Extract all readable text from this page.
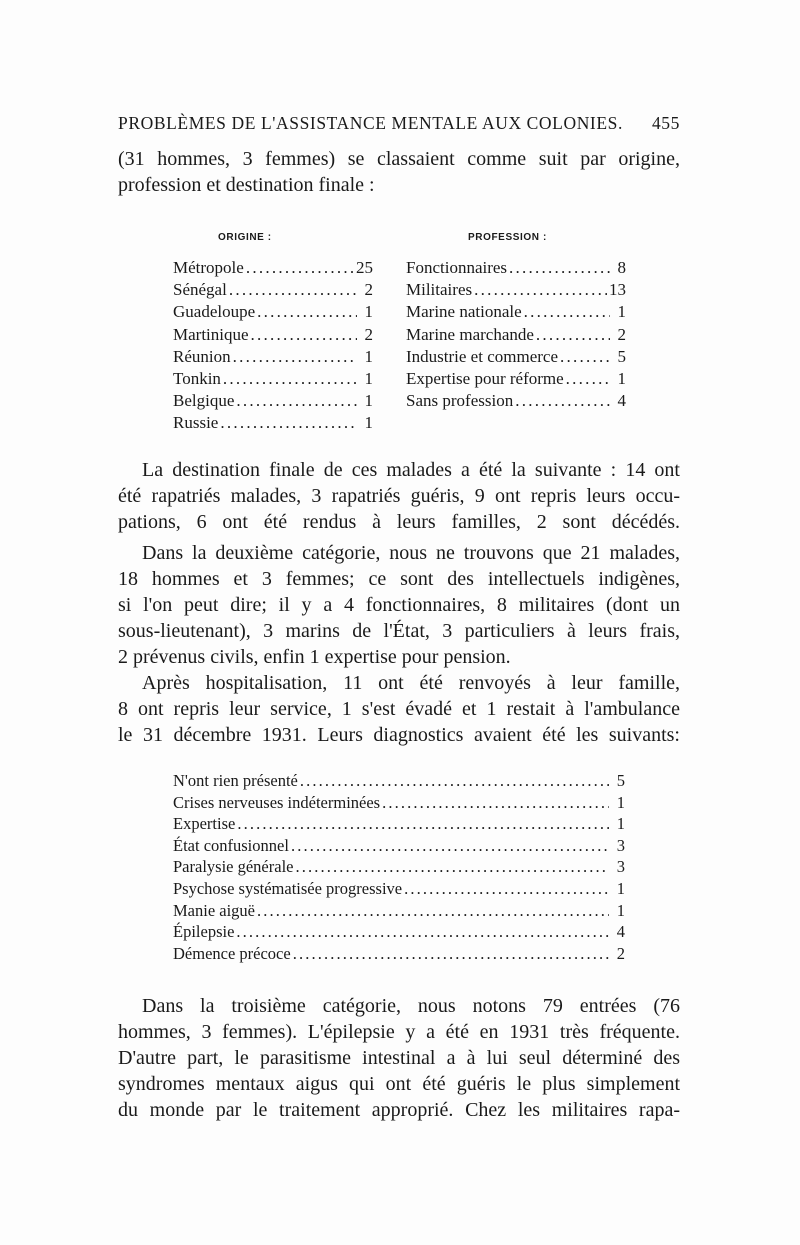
PROBLÈMES DE L'ASSISTANCE MENTALE AUX COLONIES. 455
(31 hommes, 3 femmes) se classaient comme suit par origine,
profession et destination finale :
ORIGINE :	PROFESSION :
Métropole . . .	25
Sénégal . . .	2
Guadeloupe . . .	1
Martinique . . .	2
Réunion . . .	1
Tonkin . . .	1
Belgique . . .	1
Russie . . .	1
Fonctionnaires . . .	8
Militaires . . .	13
Marine nationale . . .	1
Marine marchande . . .	2
Industrie et commerce . . .	5
Expertise pour réforme . . .	1
Sans profession . . .	4
La destination finale de ces malades a été la suivante : 14 ont
été rapatriés malades, 3 rapatriés guéris, 9 ont repris leurs occu-
pations, 6 ont été rendus à leurs familles, 2 sont décédés.
Dans la deuxième catégorie, nous ne trouvons que 21 malades,
18 hommes et 3 femmes; ce sont des intellectuels indigènes,
si l'on peut dire; il y a 4 fonctionnaires, 8 militaires (dont un
sous-lieutenant), 3 marins de l'État, 3 particuliers à leurs frais,
2 prévenus civils, enfin 1 expertise pour pension.
Après hospitalisation, 11 ont été renvoyés à leur famille,
8 ont repris leur service, 1 s'est évadé et 1 restait à l'ambulance
le 31 décembre 1931. Leurs diagnostics avaient été les suivants:
N'ont rien présenté . . .	5
Crises nerveuses indéterminées . . .	1
Expertise . . .	1
État confusionnel . . .	3
Paralysie générale . . .	3
Psychose systématisée progressive . . .	1
Manie aiguë . . .	1
Épilepsie . . .	4
Démence précoce . . .	2
Dans la troisième catégorie, nous notons 79 entrées (76
hommes, 3 femmes). L'épilepsie y a été en 1931 très fréquente.
D'autre part, le parasitisme intestinal a à lui seul déterminé des
syndromes mentaux aigus qui ont été guéris le plus simplement
du monde par le traitement approprié. Chez les militaires rapa-
